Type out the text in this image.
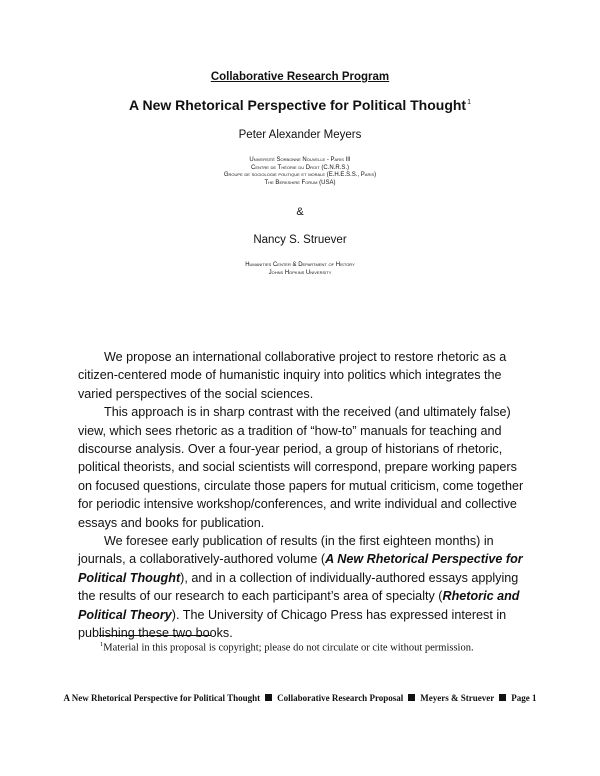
Collaborative Research Program
A New Rhetorical Perspective for Political Thought$^1$
Peter Alexander Meyers
Université Sorbonne Nouvelle - Paris III
Centre de Théorie du Droit (C.N.R.S.)
Groupe de sociologie politique et morale (E.H.E.S.S., Paris)
The Berkshire Forum (USA)
&
Nancy S. Struever
Humanities Center & Department of History
Johns Hopkins University

We propose an international collaborative project to restore rhetoric as a citizen-centered mode of humanistic inquiry into politics which integrates the varied perspectives of the social sciences.

This approach is in sharp contrast with the received (and ultimately false) view, which sees rhetoric as a tradition of “how-to” manuals for teaching and discourse analysis. Over a four-year period, a group of historians of rhetoric, political theorists, and social scientists will correspond, prepare working papers on focused questions, circulate those papers for mutual criticism, come together for periodic intensive workshop/conferences, and write individual and collective essays and books for publication.

We foresee early publication of results (in the first eighteen months) in journals, a collaboratively-authored volume (A New Rhetorical Perspective for Political Thought), and in a collection of individually-authored essays applying the results of our research to each participant’s area of specialty (Rhetoric and Political Theory). The University of Chicago Press has expressed interest in publishing these two books.

$^1$Material in this proposal is copyright; please do not circulate or cite without permission.
A New Rhetorical Perspective for Political Thought Collaborative Research Proposal Meyers & Struever Page 1
